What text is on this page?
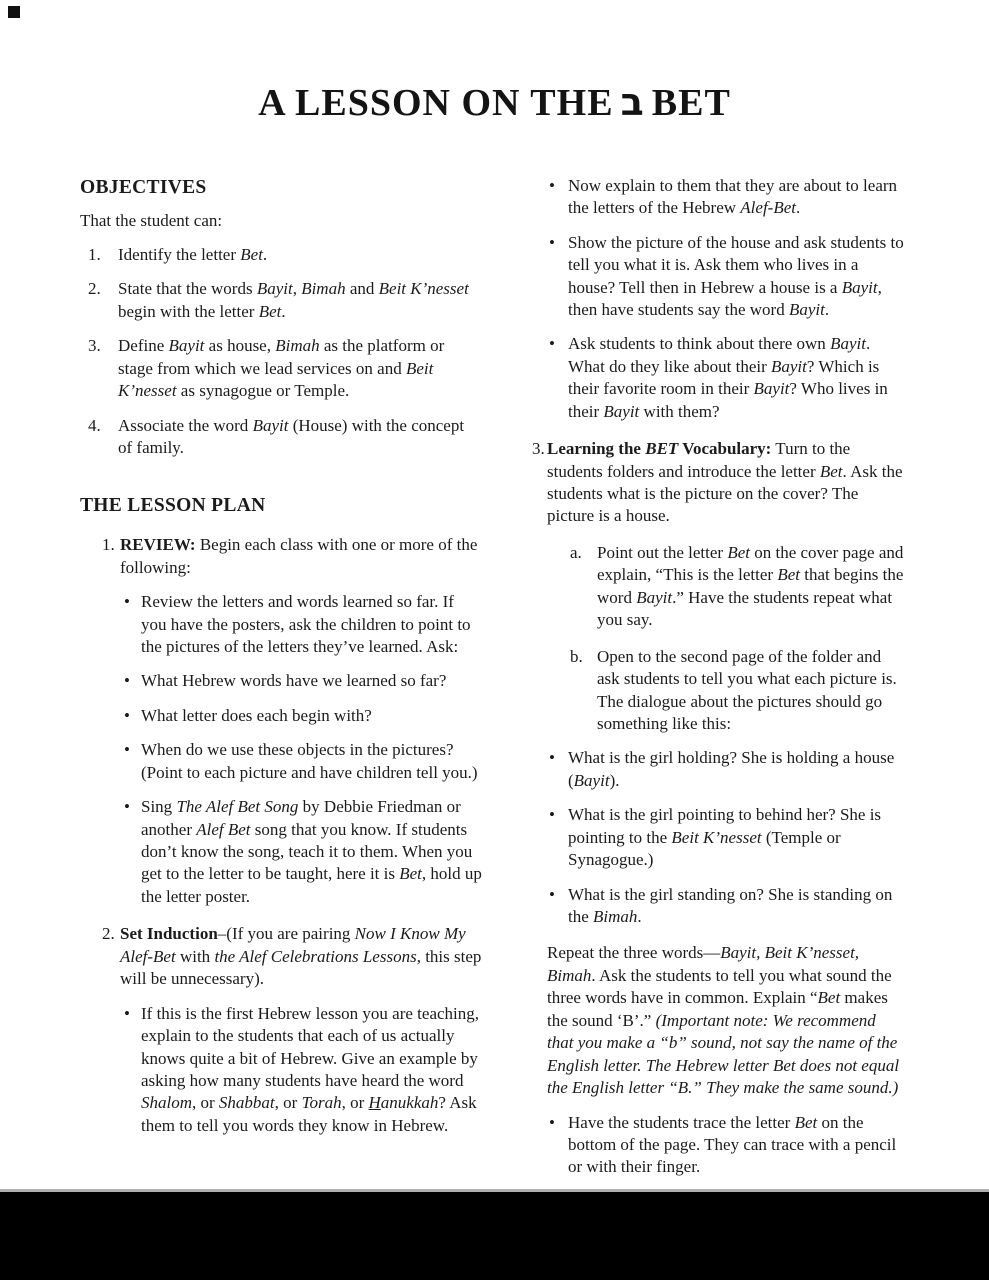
A LESSON ON THE ב BET
OBJECTIVES
That the student can:
1.	Identify the letter Bet.
2.	State that the words Bayit, Bimah and Beit K’nesset begin with the letter Bet.
3.	Define Bayit as house, Bimah as the platform or stage from which we lead services on and Beit K’nesset as synagogue or Temple.
4.	Associate the word Bayit (House) with the concept of family.
THE LESSON PLAN
1. REVIEW: Begin each class with one or more of the following:
• Review the letters and words learned so far. If you have the posters, ask the children to point to the pictures of the letters they’ve learned. Ask:
• What Hebrew words have we learned so far?
• What letter does each begin with?
• When do we use these objects in the pictures? (Point to each picture and have children tell you.)
• Sing The Alef Bet Song by Debbie Friedman or another Alef Bet song that you know. If students don’t know the song, teach it to them. When you get to the letter to be taught, here it is Bet, hold up the letter poster.
2. Set Induction–(If you are pairing Now I Know My Alef-Bet with the Alef Celebrations Lessons, this step will be unnecessary).
• If this is the first Hebrew lesson you are teaching, explain to the students that each of us actually knows quite a bit of Hebrew. Give an example by asking how many students have heard the word Shalom, or Shabbat, or Torah, or Hanukkah? Ask them to tell you words they know in Hebrew.
• Now explain to them that they are about to learn the letters of the Hebrew Alef-Bet.
• Show the picture of the house and ask students to tell you what it is. Ask them who lives in a house? Tell then in Hebrew a house is a Bayit, then have students say the word Bayit.
• Ask students to think about there own Bayit. What do they like about their Bayit? Which is their favorite room in their Bayit? Who lives in their Bayit with them?
3. Learning the BET Vocabulary: Turn to the students folders and introduce the letter Bet. Ask the students what is the picture on the cover? The picture is a house.
a. Point out the letter Bet on the cover page and explain, “This is the letter Bet that begins the word Bayit.” Have the students repeat what you say.
b. Open to the second page of the folder and ask students to tell you what each picture is. The dialogue about the pictures should go something like this:
• What is the girl holding? She is holding a house (Bayit).
• What is the girl pointing to behind her? She is pointing to the Beit K’nesset (Temple or Synagogue.)
• What is the girl standing on? She is standing on the Bimah.
Repeat the three words—Bayit, Beit K’nesset, Bimah. Ask the students to tell you what sound the three words have in common. Explain “Bet makes the sound ‘B’.” (Important note: We recommend that you make a “b” sound, not say the name of the English letter. The Hebrew letter Bet does not equal the English letter “B.” They make the same sound.)
• Have the students trace the letter Bet on the bottom of the page. They can trace with a pencil or with their finger.
